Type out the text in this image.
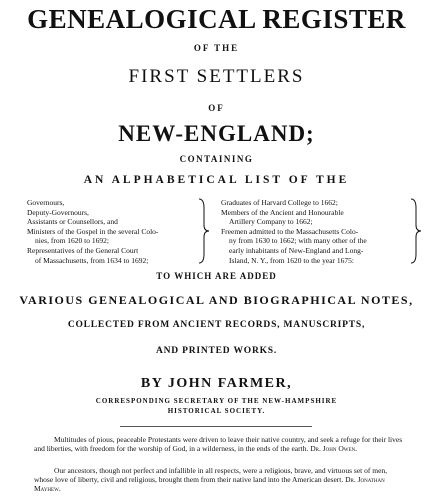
GENEALOGICAL REGISTER
OF THE
FIRST SETTLERS
OF
NEW-ENGLAND;
CONTAINING
AN ALPHABETICAL LIST OF THE
Governours,
Deputy-Governours,
Assistants or Counsellors, and
Ministers of the Gospel in the several Colo-
nies, from 1620 to 1692;
Representatives of the General Court
of Massachusetts, from 1634 to 1692;
Graduates of Harvard College to 1662;
Members of the Ancient and Honourable
Artillery Company to 1662;
Freemen admitted to the Massachusetts Colo-
ny from 1630 to 1662; with many other of the
early inhabitants of New-England and Long-
Island, N. Y., from 1620 to the year 1675:
TO WHICH ARE ADDED
VARIOUS GENEALOGICAL AND BIOGRAPHICAL NOTES,
COLLECTED FROM ANCIENT RECORDS, MANUSCRIPTS,
AND PRINTED WORKS.
BY JOHN FARMER,
CORRESPONDING SECRETARY OF THE NEW-HAMPSHIRE
HISTORICAL SOCIETY.
Multitudes of pious, peaceable Protestants were driven to leave their native country, and seek a refuge for their lives and liberties, with freedom for the worship of God, in a wilderness, in the ends of the earth. Dr. John Owen.
Our ancestors, though not perfect and infallible in all respects, were a religious, brave, and virtuous set of men, whose love of liberty, civil and religious, brought them from their native land into the American desert. Dr. Jonathan Mayhew.
